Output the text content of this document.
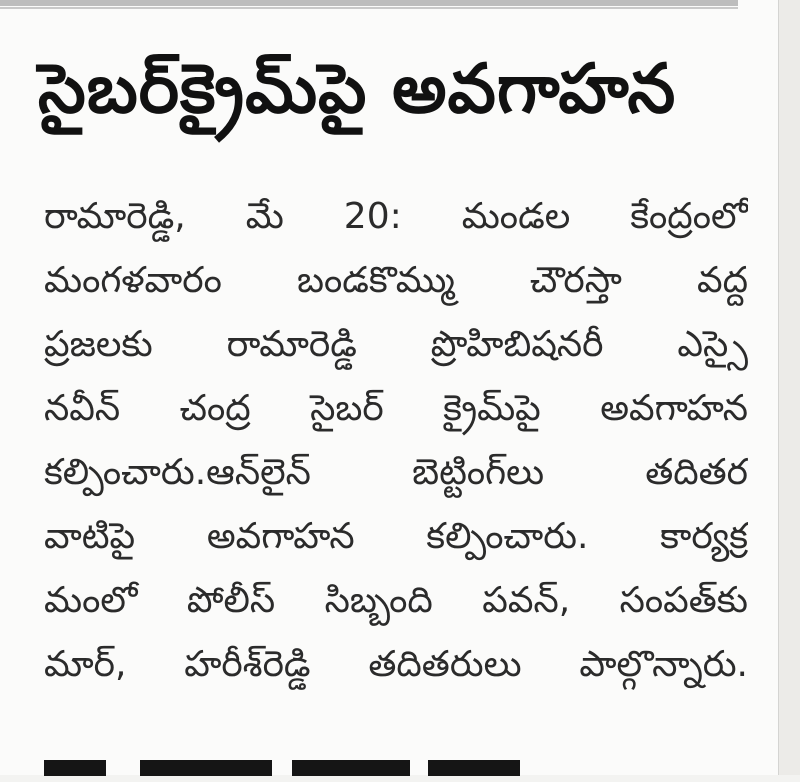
సైబర్‌క్రైమ్‌పై అవగాహన
రామారెడ్డి, మే 20: మండల కేంద్రంలో
మంగళవారం బండకొమ్ము చౌరస్తా వద్ద
ప్రజలకు రామారెడ్డి ప్రొహిబిషనరీ ఎస్సై
నవీన్ చంద్ర సైబర్ క్రైమ్‌పై అవగాహన
కల్పించారు.ఆన్‌లైన్ బెట్టింగ్‌లు తదితర
వాటిపై అవగాహన కల్పించారు. కార్యక్ర
మంలో పోలీస్ సిబ్బంది పవన్, సంపత్‌కు
మార్, హరీశ్‌రెడ్డి తదితరులు పాల్గొన్నారు.
